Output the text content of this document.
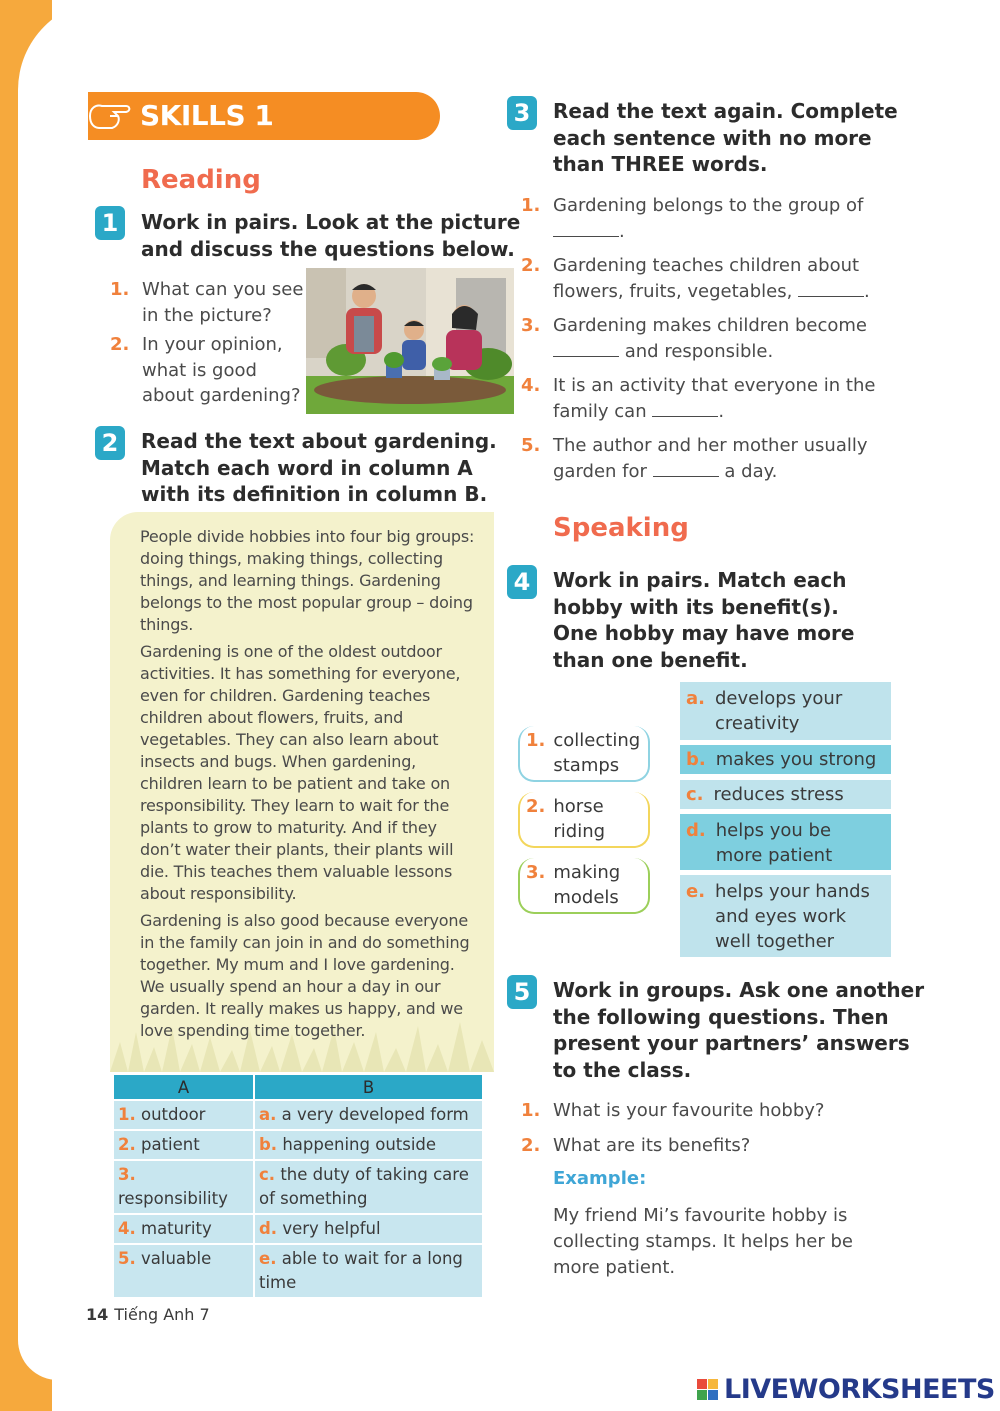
SKILLS 1
Reading
1	Work in pairs. Look at the picture
and discuss the questions below.
1. What can you see
in the picture?
2. In your opinion,
what is good
about gardening?
2	Read the text about gardening.
Match each word in column A
with its definition in column B.

People divide hobbies into four big groups: doing things, making things, collecting things, and learning things. Gardening belongs to the most popular group – doing things.

Gardening is one of the oldest outdoor activities. It has something for everyone, even for children. Gardening teaches children about flowers, fruits, and vegetables. They can also learn about insects and bugs. When gardening, children learn to be patient and take on responsibility. They learn to wait for the plants to grow to maturity. And if they don’t water their plants, their plants will die. This teaches them valuable lessons about responsibility.

Gardening is also good because everyone in the family can join in and do something together. My mum and I love gardening. We usually spend an hour a day in our garden. It really makes us happy, and we love spending time together.

A	B
1. outdoor	a. a very developed form
2. patient	b. happening outside
3. responsibility	c. the duty of taking care of something
4. maturity	d. very helpful
5. valuable	e. able to wait for a long time
3	Read the text again. Complete
each sentence with no more
than THREE words.
1. Gardening belongs to the group of .
2. Gardening teaches children about flowers, fruits, vegetables,	.
3. Gardening makes children become  and responsible.
4. It is an activity that everyone in the family can	.
5. The author and her mother usually garden for	a day.
Speaking
4	Work in pairs. Match each
hobby with its benefit(s).
One hobby may have more
than one benefit.
1. collecting
stamps
2. horse
riding
3. making
models
a. develops your
creativity
b. makes you strong
c. reduces stress
d. helps you be
more patient
e. helps your hands
and eyes work
well together
5	Work in groups. Ask one another
the following questions. Then
present your partners’ answers
to the class.
1. What is your favourite hobby?
2. What are its benefits?
Example:
My friend Mi’s favourite hobby is collecting stamps. It helps her be more patient.
14 Tiếng Anh 7
LIVEWORKSHEETS
